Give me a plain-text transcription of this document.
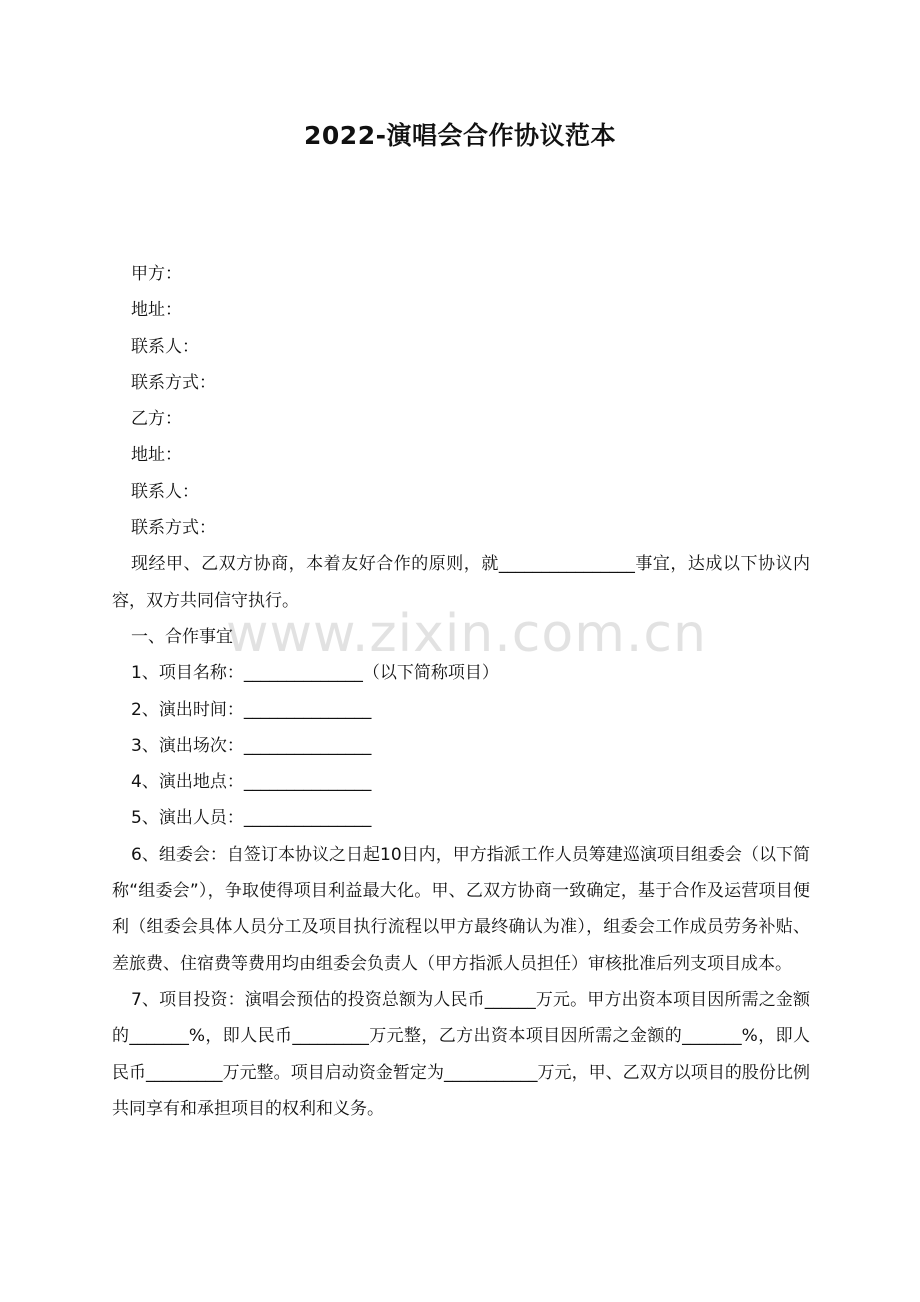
2022-演唱会合作协议范本

甲方：

地址：

联系人：

联系方式：

乙方：

地址：

联系人：

联系方式：

现经甲、乙双方协商，本着友好合作的原则，就________________事宜，达成以下协议内容，双方共同信守执行。

一、合作事宜

1、项目名称：______________（以下简称项目）

2、演出时间：_______________

3、演出场次：_______________

4、演出地点：_______________

5、演出人员：_______________

6、组委会：自签订本协议之日起10日内，甲方指派工作人员筹建巡演项目组委会（以下简称“组委会”），争取使得项目利益最大化。甲、乙双方协商一致确定，基于合作及运营项目便利（组委会具体人员分工及项目执行流程以甲方最终确认为准），组委会工作成员劳务补贴、差旅费、住宿费等费用均由组委会负责人（甲方指派人员担任）审核批准后列支项目成本。

7、项目投资：演唱会预估的投资总额为人民币______万元。甲方出资本项目因所需之金额的_______%，即人民币_________万元整，乙方出资本项目因所需之金额的_______%，即人民币_________万元整。项目启动资金暂定为___________万元，甲、乙双方以项目的股份比例共同享有和承担项目的权利和义务。

www.zixin.com.cn
